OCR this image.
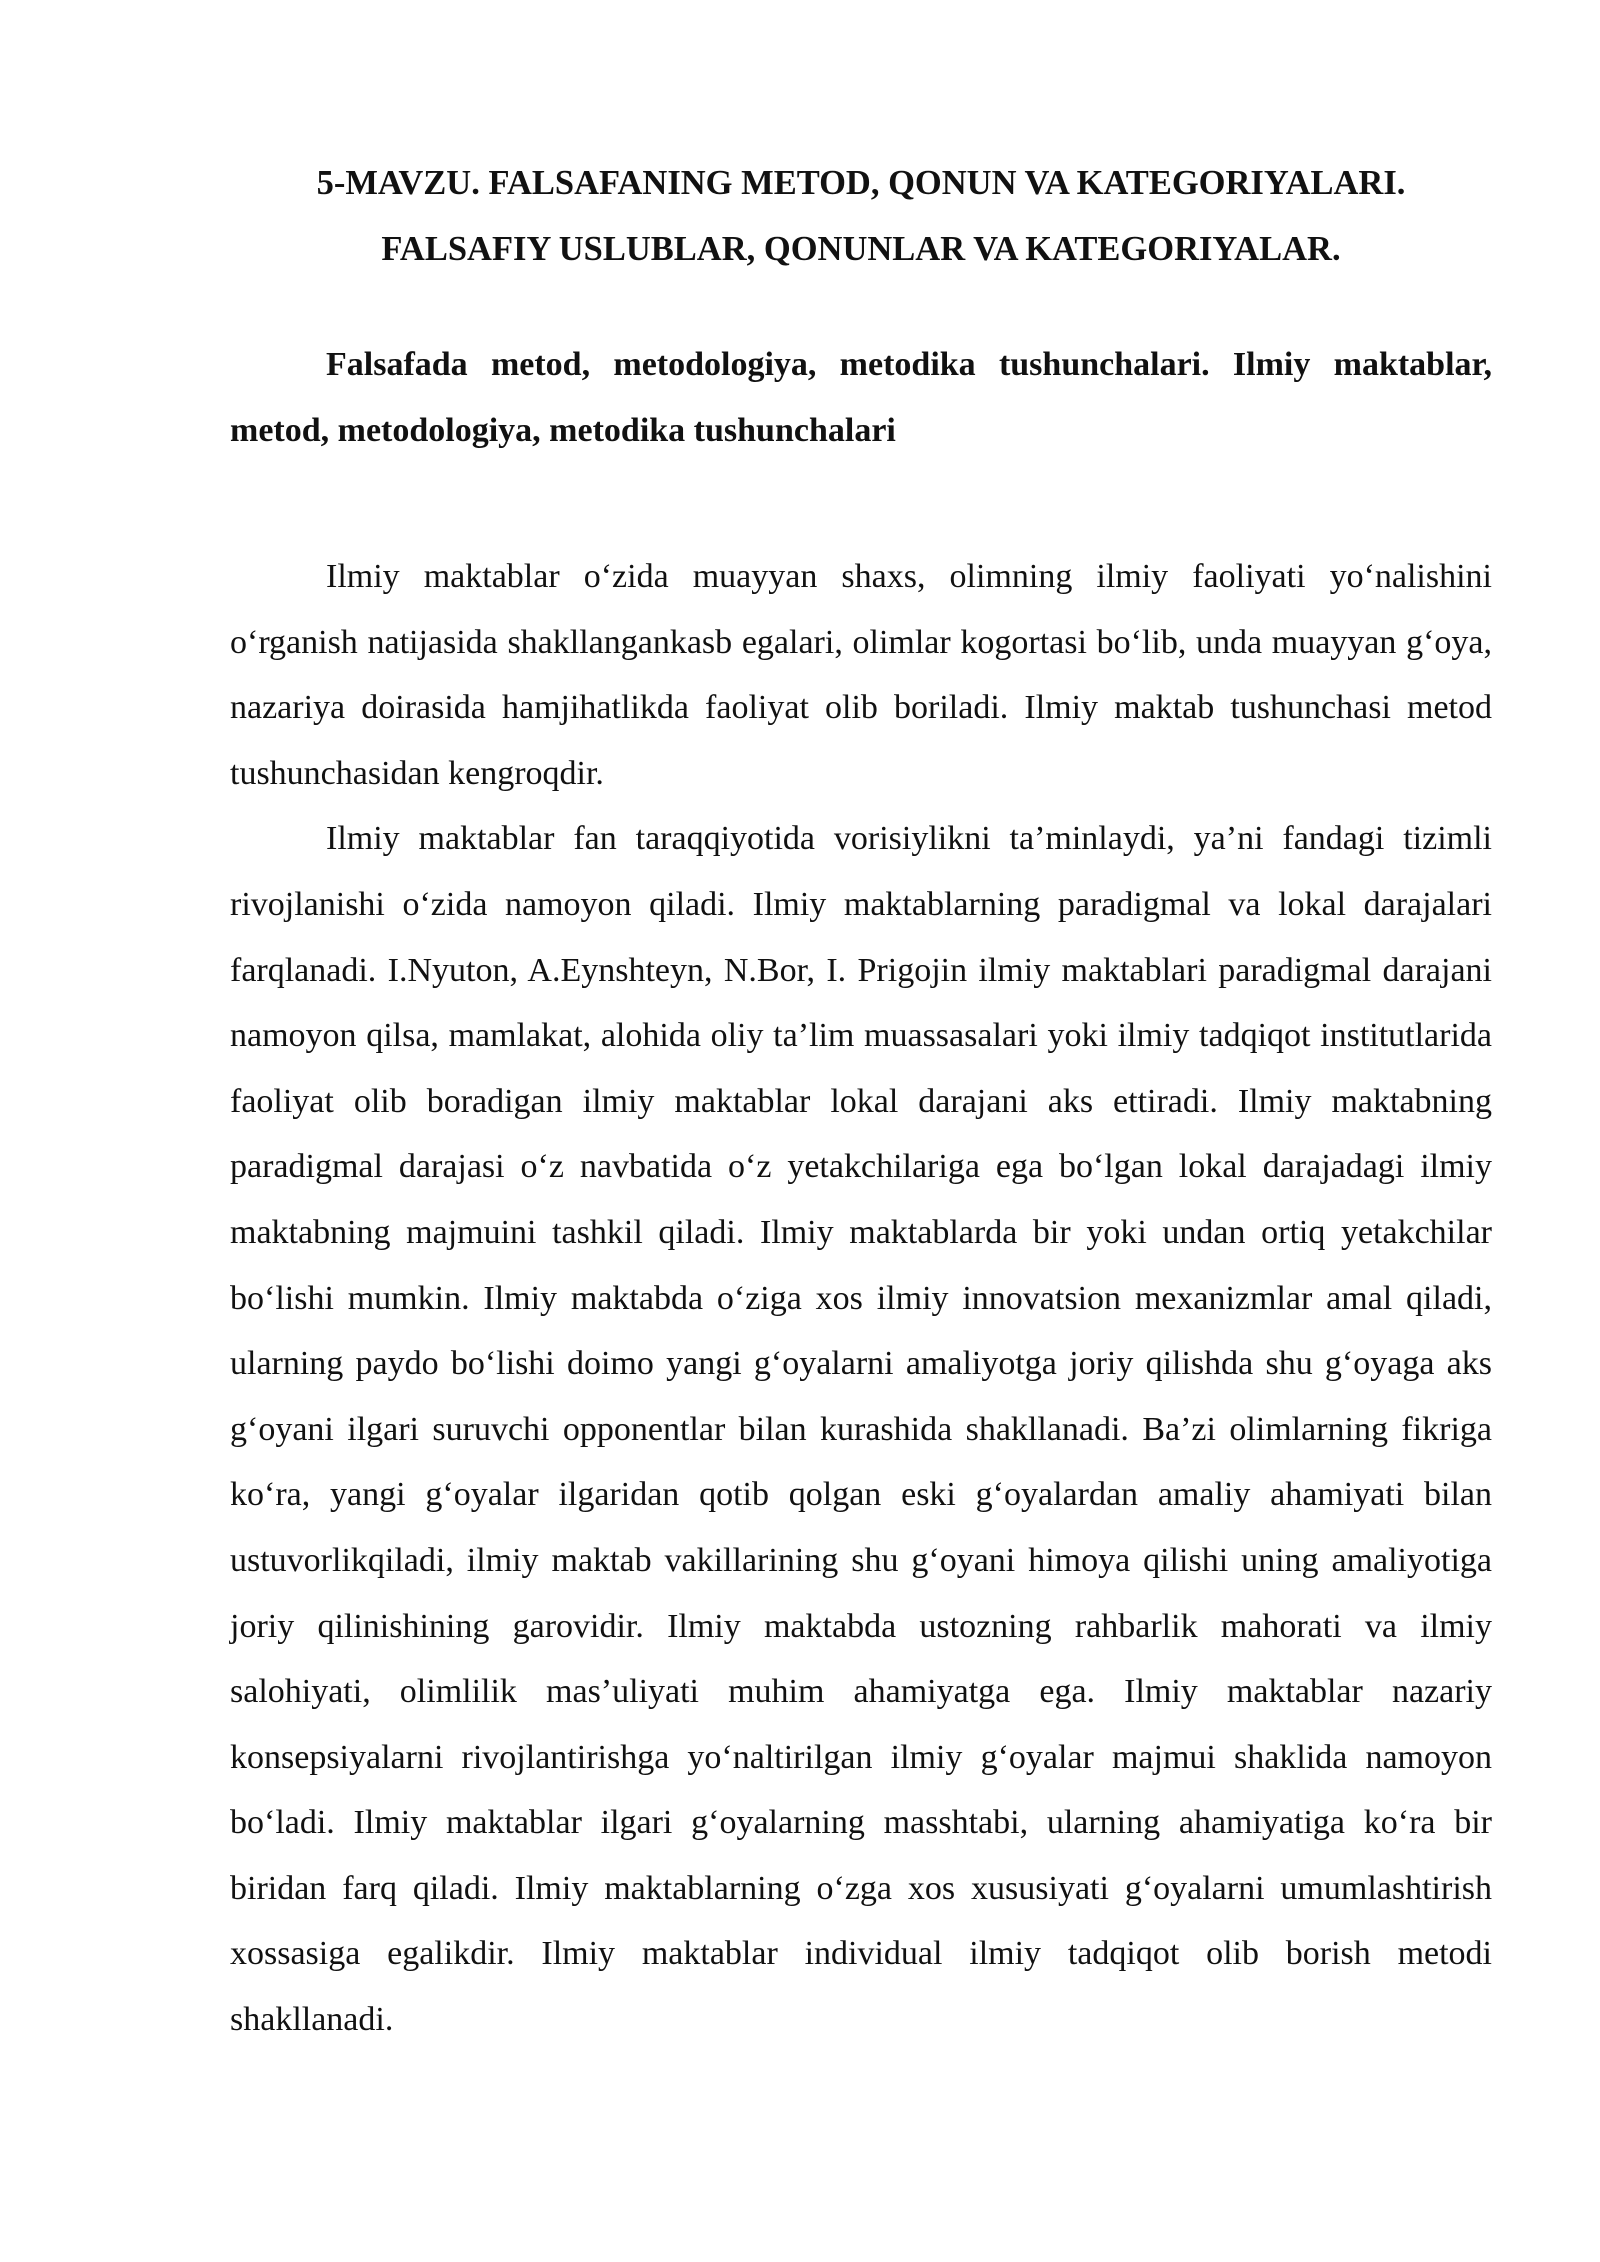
5-MAVZU. FALSAFANING METOD, QONUN VA KATEGORIYALARI.
FALSAFIY USLUBLAR, QONUNLAR VA KATEGORIYALAR.
Falsafada metod, metodologiya, metodika tushunchalari. Ilmiy maktablar, metod, metodologiya, metodika tushunchalari

Ilmiy maktablar o‘zida muayyan shaxs, olimning ilmiy faoliyati yo‘nalishini o‘rganish natijasida shakllangankasb egalari, olimlar kogortasi bo‘lib, unda muayyan g‘oya, nazariya doirasida hamjihatlikda faoliyat olib boriladi. Ilmiy maktab tushunchasi metod tushunchasidan kengroqdir.

Ilmiy maktablar fan taraqqiyotida vorisiylikni ta’minlaydi, ya’ni fandagi tizimli rivojlanishi o‘zida namoyon qiladi. Ilmiy maktablarning paradigmal va lokal darajalari farqlanadi. I.Nyuton, A.Eynshteyn, N.Bor, I. Prigojin ilmiy maktablari paradigmal darajani namoyon qilsa, mamlakat, alohida oliy ta’lim muassasalari yoki ilmiy tadqiqot institutlarida faoliyat olib boradigan ilmiy maktablar lokal darajani aks ettiradi. Ilmiy maktabning paradigmal darajasi o‘z navbatida o‘z yetakchilariga ega bo‘lgan lokal darajadagi ilmiy maktabning majmuini tashkil qiladi. Ilmiy maktablarda bir yoki undan ortiq yetakchilar bo‘lishi mumkin. Ilmiy maktabda o‘ziga xos ilmiy innovatsion mexanizmlar amal qiladi, ularning paydo bo‘lishi doimo yangi g‘oyalarni amaliyotga joriy qilishda shu g‘oyaga aks g‘oyani ilgari suruvchi opponentlar bilan kurashida shakllanadi. Ba’zi olimlarning fikriga ko‘ra, yangi g‘oyalar ilgaridan qotib qolgan eski g‘oyalardan amaliy ahamiyati bilan ustuvorlikqiladi, ilmiy maktab vakillarining shu g‘oyani himoya qilishi uning amaliyotiga joriy qilinishining garovidir. Ilmiy maktabda ustozning rahbarlik mahorati va ilmiy salohiyati, olimlilik mas’uliyati muhim ahamiyatga ega. Ilmiy maktablar nazariy konsepsiyalarni rivojlantirishga yo‘naltirilgan ilmiy g‘oyalar majmui shaklida namoyon bo‘ladi. Ilmiy maktablar ilgari g‘oyalarning masshtabi, ularning ahamiyatiga ko‘ra bir biridan farq qiladi. Ilmiy maktablarning o‘zga xos xususiyati g‘oyalarni umumlashtirish xossasiga egalikdir. Ilmiy maktablar individual ilmiy tadqiqot olib borish metodi shakllanadi.
